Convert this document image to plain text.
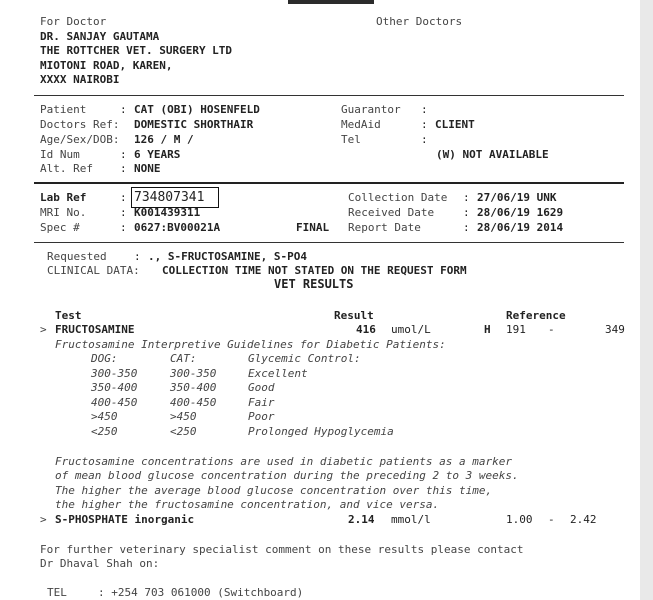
For Doctor	Other Doctors
DR. SANJAY GAUTAMA
THE ROTTCHER VET. SURGERY LTD
MIOTONI ROAD, KAREN,
XXXX NAIROBI
Patient	: CAT (OBI) HOSENFELD
Doctors Ref: DOMESTIC SHORTHAIR
Age/Sex/DOB: 126 / M /
Id Num	: 6 YEARS
Alt. Ref : NONE
Guarantor :
MedAid	: CLIENT
Tel	:
(W) NOT AVAILABLE
Lab Ref	: 734807341
MRI No.	: K001439311
Spec #	: 0627:BV00021A	FINAL
Collection Date : 27/06/19 UNK
Received Date	: 28/06/19 1629
Report Date	: 28/06/19 2014
Requested : ., S-FRUCTOSAMINE, S-PO4
CLINICAL DATA: COLLECTION TIME NOT STATED ON THE REQUEST FORM
VET RESULTS
Test	Result	Reference
> FRUCTOSAMINE	416 umol/L	H 191 -	349
Fructosamine Interpretive Guidelines for Diabetic Patients:
DOG:	CAT:	Glycemic Control:
300-350	300-350	Excellent
350-400	350-400	Good
400-450	400-450	Fair
>450	>450	Poor
<250	<250	Prolonged Hypoglycemia
Fructosamine concentrations are used in diabetic patients as a marker
of mean blood glucose concentration during the preceding 2 to 3 weeks.
The higher the average blood glucose concentration over this time,
the higher the fructosamine concentration, and vice versa.
> S-PHOSPHATE inorganic	2.14 mmol/l	1.00 - 2.42
For further veterinary specialist comment on these results please contact
Dr Dhaval Shah on:
TEL	: +254 703 061000 (Switchboard)
